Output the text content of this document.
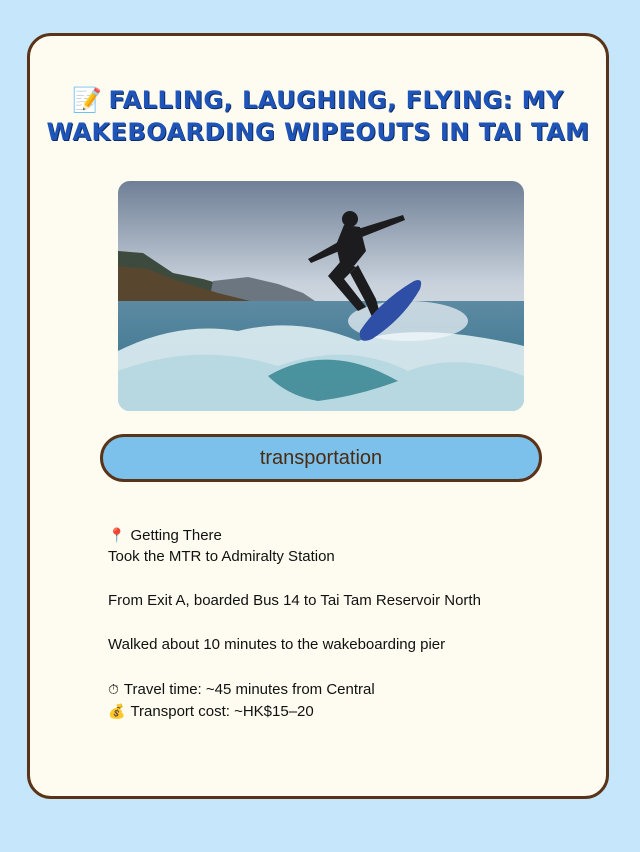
📝 FALLING, LAUGHING, FLYING: MY WAKEBOARDING WIPEOUTS IN TAI TAM
transportation
📍 Getting There
Took the MTR to Admiralty Station
From Exit A, boarded Bus 14 to Tai Tam Reservoir North
Walked about 10 minutes to the wakeboarding pier
⏱ Travel time: ~45 minutes from Central
💰 Transport cost: ~HK$15–20
